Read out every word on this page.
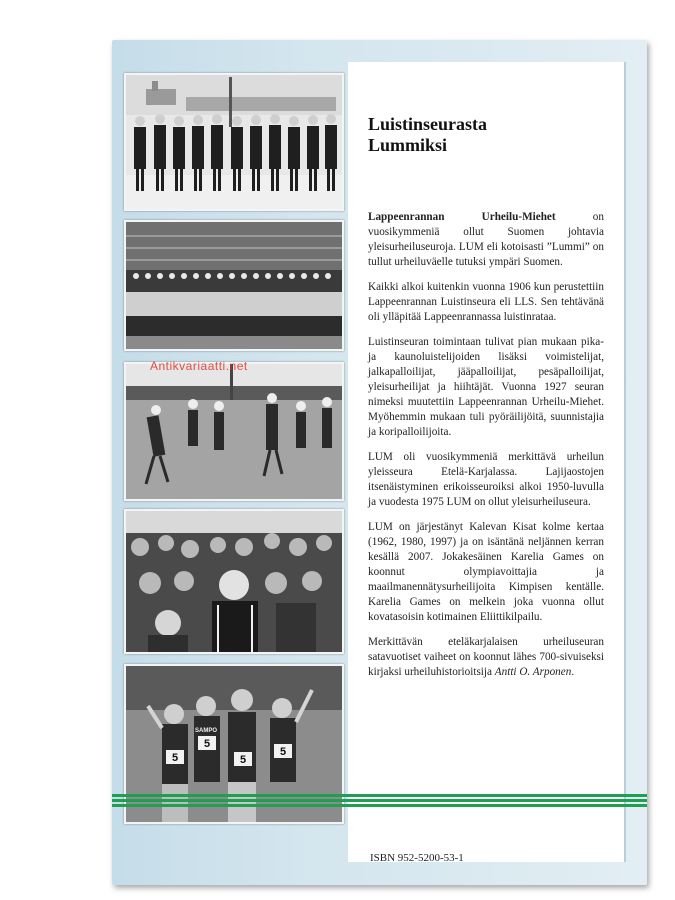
5
5
5
5
SAMPO
Luistinseurasta
Lummiksi

Lappeenrannan Urheilu-Miehet on vuosikymmeniä ollut Suomen johtavia yleisurheiluseuroja. LUM eli kotoisasti ”Lummi” on tullut urheiluväelle tutuksi ympäri Suomen.

Kaikki alkoi kuitenkin vuonna 1906 kun perustettiin Lappeenrannan Luistinseura eli LLS. Sen tehtävänä oli ylläpitää Lappeenrannassa luistinrataa.

Luistinseuran toimintaan tulivat pian mukaan pika- ja kaunoluistelijoiden lisäksi voimistelijat, jalkapalloilijat, jääpalloilijat, pesäpalloilijat, yleisurheilijat ja hiihtäjät. Vuonna 1927 seuran nimeksi muutettiin Lappeenrannan Urheilu-Miehet. Myöhemmin mukaan tuli pyöräilijöitä, suunnistajia ja koripalloilijoita.

LUM oli vuosikymmeniä merkittävä urheilun yleisseura Etelä-Karjalassa. Lajijaostojen itsenäistyminen erikoisseuroiksi alkoi 1950-luvulla ja vuodesta 1975 LUM on ollut yleisurheiluseura.

LUM on järjestänyt Kalevan Kisat kolme kertaa (1962, 1980, 1997) ja on isäntänä neljännen kerran kesällä 2007. Jokakesäinen Karelia Games on koonnut olympiavoittajia ja maailmanennätysurheilijoita Kimpisen kentälle. Karelia Games on melkein joka vuonna ollut kovatasoisin kotimainen Eliittikilpailu.

Merkittävän eteläkarjalaisen urheiluseuran satavuotiset vaiheet on koonnut lähes 700-sivuiseksi kirjaksi urheiluhistorioitsija Antti O. Arponen.

ISBN 952-5200-53-1
Antikvariaatti.net
